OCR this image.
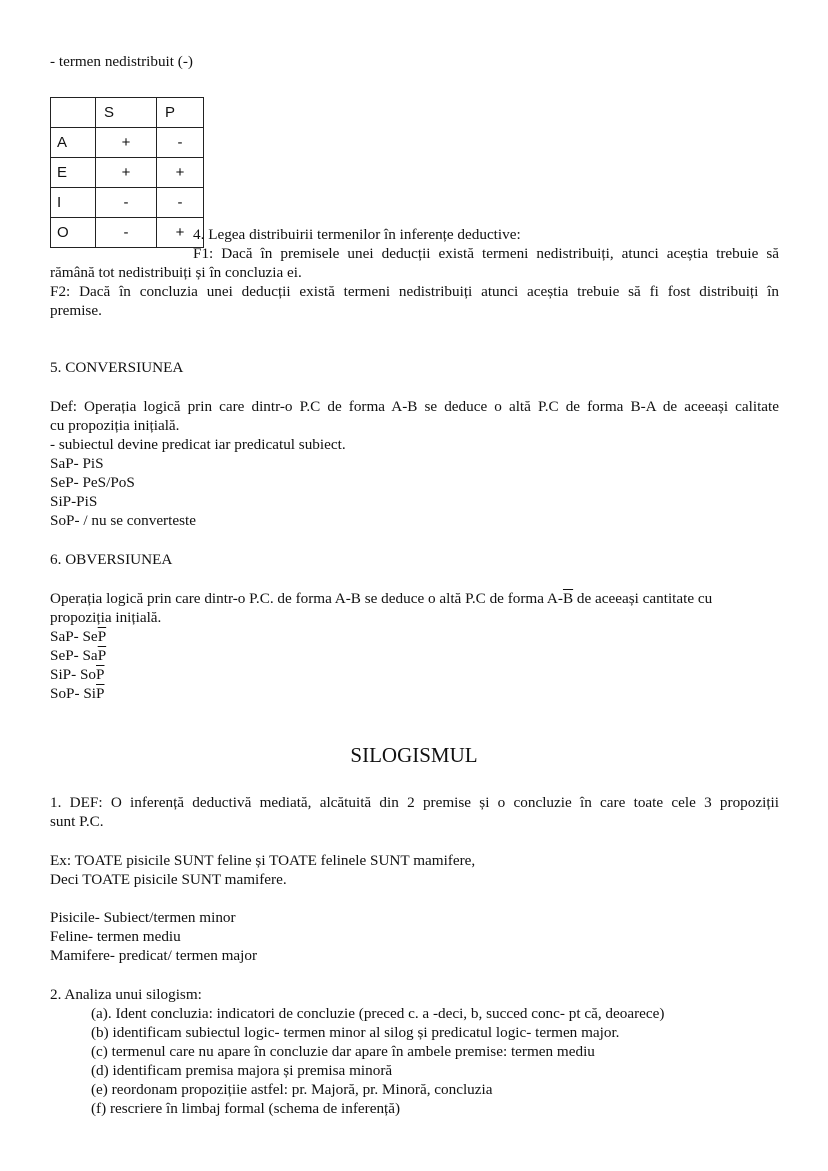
- termen nedistribuit (-)
	S	P
A	+	-
E	+	+
I	-	-
O	-	+ 4. Legea distribuirii termenilor în inferențe deductive:
F1: Dacă în premisele unei deducții există termeni nedistribuiți, atunci aceștia trebuie să
rămână tot nedistribuiți și în concluzia ei.
F2: Dacă în concluzia unei deducții există termeni nedistribuiți atunci aceștia trebuie să fi fost distribuiți în
premise.
5. CONVERSIUNEA
Def: Operația logică prin care dintr-o P.C de forma A-B se deduce o altă P.C de forma B-A de aceeași calitate
cu propoziția inițială.
- subiectul devine predicat iar predicatul subiect.
SaP- PiS
SeP- PeS/PoS
SiP-PiS
SoP- / nu se converteste
6. OBVERSIUNEA
Operația logică prin care dintr-o P.C. de forma A-B se deduce o altă P.C de forma $A-\overline{B}$ de aceeași cantitate cu
propoziția inițială.
SaP- $Se\overline{P}$
SeP- $Sa\overline{P}$
SiP- $So\overline{P}$
SoP- $Si\overline{P}$
SILOGISMUL
1. DEF: O inferență deductivă mediată, alcătuită din 2 premise și o concluzie în care toate cele 3 propoziții
sunt P.C.
Ex: TOATE pisicile SUNT feline și TOATE felinele SUNT mamifere,
Deci TOATE pisicile SUNT mamifere.
Pisicile- Subiect/termen minor
Feline- termen mediu
Mamifere- predicat/ termen major
2. Analiza unui silogism:
(a). Ident concluzia: indicatori de concluzie (preced c. a -deci, b, succed conc- pt că, deoarece)
(b) identificam subiectul logic- termen minor al silog și predicatul logic- termen major.
(c) termenul care nu apare în concluzie dar apare în ambele premise: termen mediu
(d) identificam premisa majora și premisa minoră
(e) reordonam propozițiie astfel: pr. Majoră, pr. Minoră, concluzia
(f) rescriere în limbaj formal (schema de inferență)
